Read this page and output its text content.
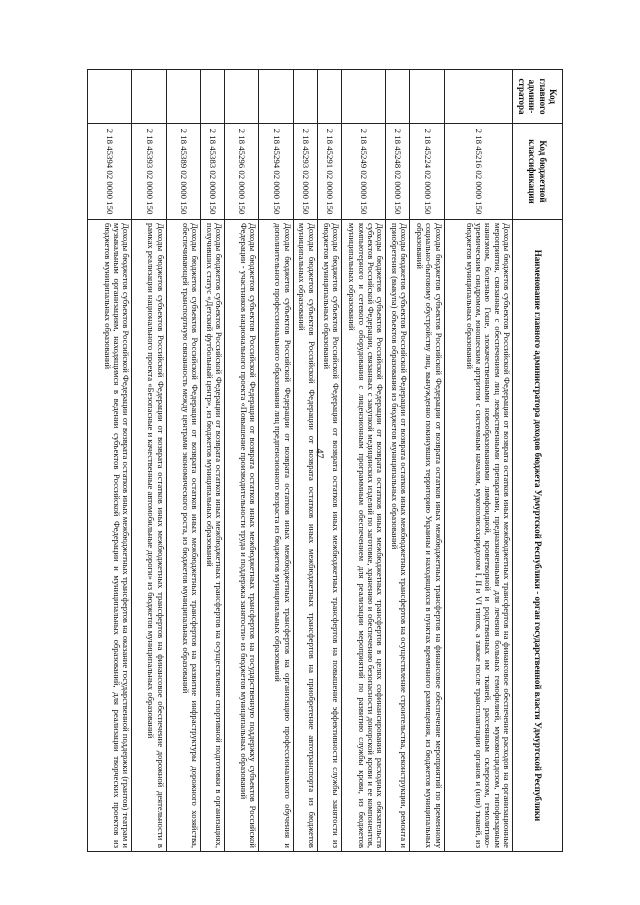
47
Код главного админи-стратора	Код бюджетной классификации	Наименование главного администратора доходов бюджета Удмуртской Республики - орган государственной власти Удмуртской Республики
	2 18 45216 02 0000 150	Доходы бюджетов субъектов Российской Федерации от возврата остатков иных межбюджетных трансфертов на финансовое обеспечение расходов на организационные мероприятия, связанные с обеспечением лиц лекарственными препаратами, предназначенными для лечения больных гемофилией, муковисцидозом, гипофизарным нанизмом, болезнью Гоше, злокачественными новообразованиями лимфоидной, кроветворной и родственных им тканей, рассеянным склерозом, гемолитико-уремическим синдромом, юношеским артритом с системным началом, мукополисахаридозом I, II и VI типов, а также после трансплантации органов и (или) тканей, из бюджетов муниципальных образований
	2 18 45224 02 0000 150	Доходы бюджетов субъектов Российской Федерации от возврата остатков иных межбюджетных трансфертов на финансовое обеспечение мероприятий по временному социально-бытовому обустройству лиц, вынужденно покинувших территорию Украины и находящихся в пунктах временного размещения, из бюджетов муниципальных образований
	2 18 45248 02 0000 150	Доходы бюджетов субъектов Российской Федерации от возврата остатков иных межбюджетных трансфертов на осуществление строительства, реконструкции, ремонта и приобретения (выкупа) объектов образования из бюджетов муниципальных образований
	2 18 45249 02 0000 150	Доходы бюджетов субъектов Российской Федерации от возврата остатков иных межбюджетных трансфертов в целях софинансирования расходных обязательств субъектов Российской Федерации, связанных с закупкой медицинских изделий по заготовке, хранению и обеспечению безопасности донорской крови и ее компонентов, компьютерного и сетевого оборудования с лицензионным программным обеспечением для реализации мероприятий по развитию службы крови, из бюджетов муниципальных образований
	2 18 45291 02 0000 150	Доходы бюджетов субъектов Российской Федерации от возврата остатков иных межбюджетных трансфертов на повышение эффективности службы занятости из бюджетов муниципальных образований
	2 18 45293 02 0000 150	Доходы бюджетов субъектов Российской Федерации от возврата остатков иных межбюджетных трансфертов на приобретение автотранспорта из бюджетов муниципальных образований
	2 18 45294 02 0000 150	Доходы бюджетов субъектов Российской Федерации от возврата остатков иных межбюджетных трансфертов на организацию профессионального обучения и дополнительного профессионального образования лиц предпенсионного возраста из бюджетов муниципальных образований
	2 18 45296 02 0000 150	Доходы бюджетов субъектов Российской Федерации от возврата остатков иных межбюджетных трансфертов на государственную поддержку субъектов Российской Федерации - участников национального проекта «Повышение производительности труда и поддержка занятости» из бюджетов муниципальных образований
	2 18 45383 02 0000 150	Доходы бюджетов субъектов Российской Федерации от возврата остатков иных межбюджетных трансфертов на осуществление спортивной подготовки в организациях, получивших статус «Детский футбольный центр», из бюджетов муниципальных образований
	2 18 45389 02 0000 150	Доходы бюджетов субъектов Российской Федерации от возврата остатков иных межбюджетных трансфертов на развитие инфраструктуры дорожного хозяйства, обеспечивающей транспортную связанность между центрами экономического роста, из бюджетов муниципальных образований
	2 18 45393 02 0000 150	Доходы бюджетов субъектов Российской Федерации от возврата остатков иных межбюджетных трансфертов на финансовое обеспечение дорожной деятельности в рамках реализации национального проекта «Безопасные и качественные автомобильные дороги» из бюджетов муниципальных образований
	2 18 45394 02 0000 150	Доходы бюджетов субъектов Российской Федерации от возврата остатков иных межбюджетных трансфертов на оказание государственной поддержки (грантов) театрам и музыкальным организациям, находящимся в ведении субъектов Российской Федерации и муниципальных образований, для реализации творческих проектов из бюджетов муниципальных образований
